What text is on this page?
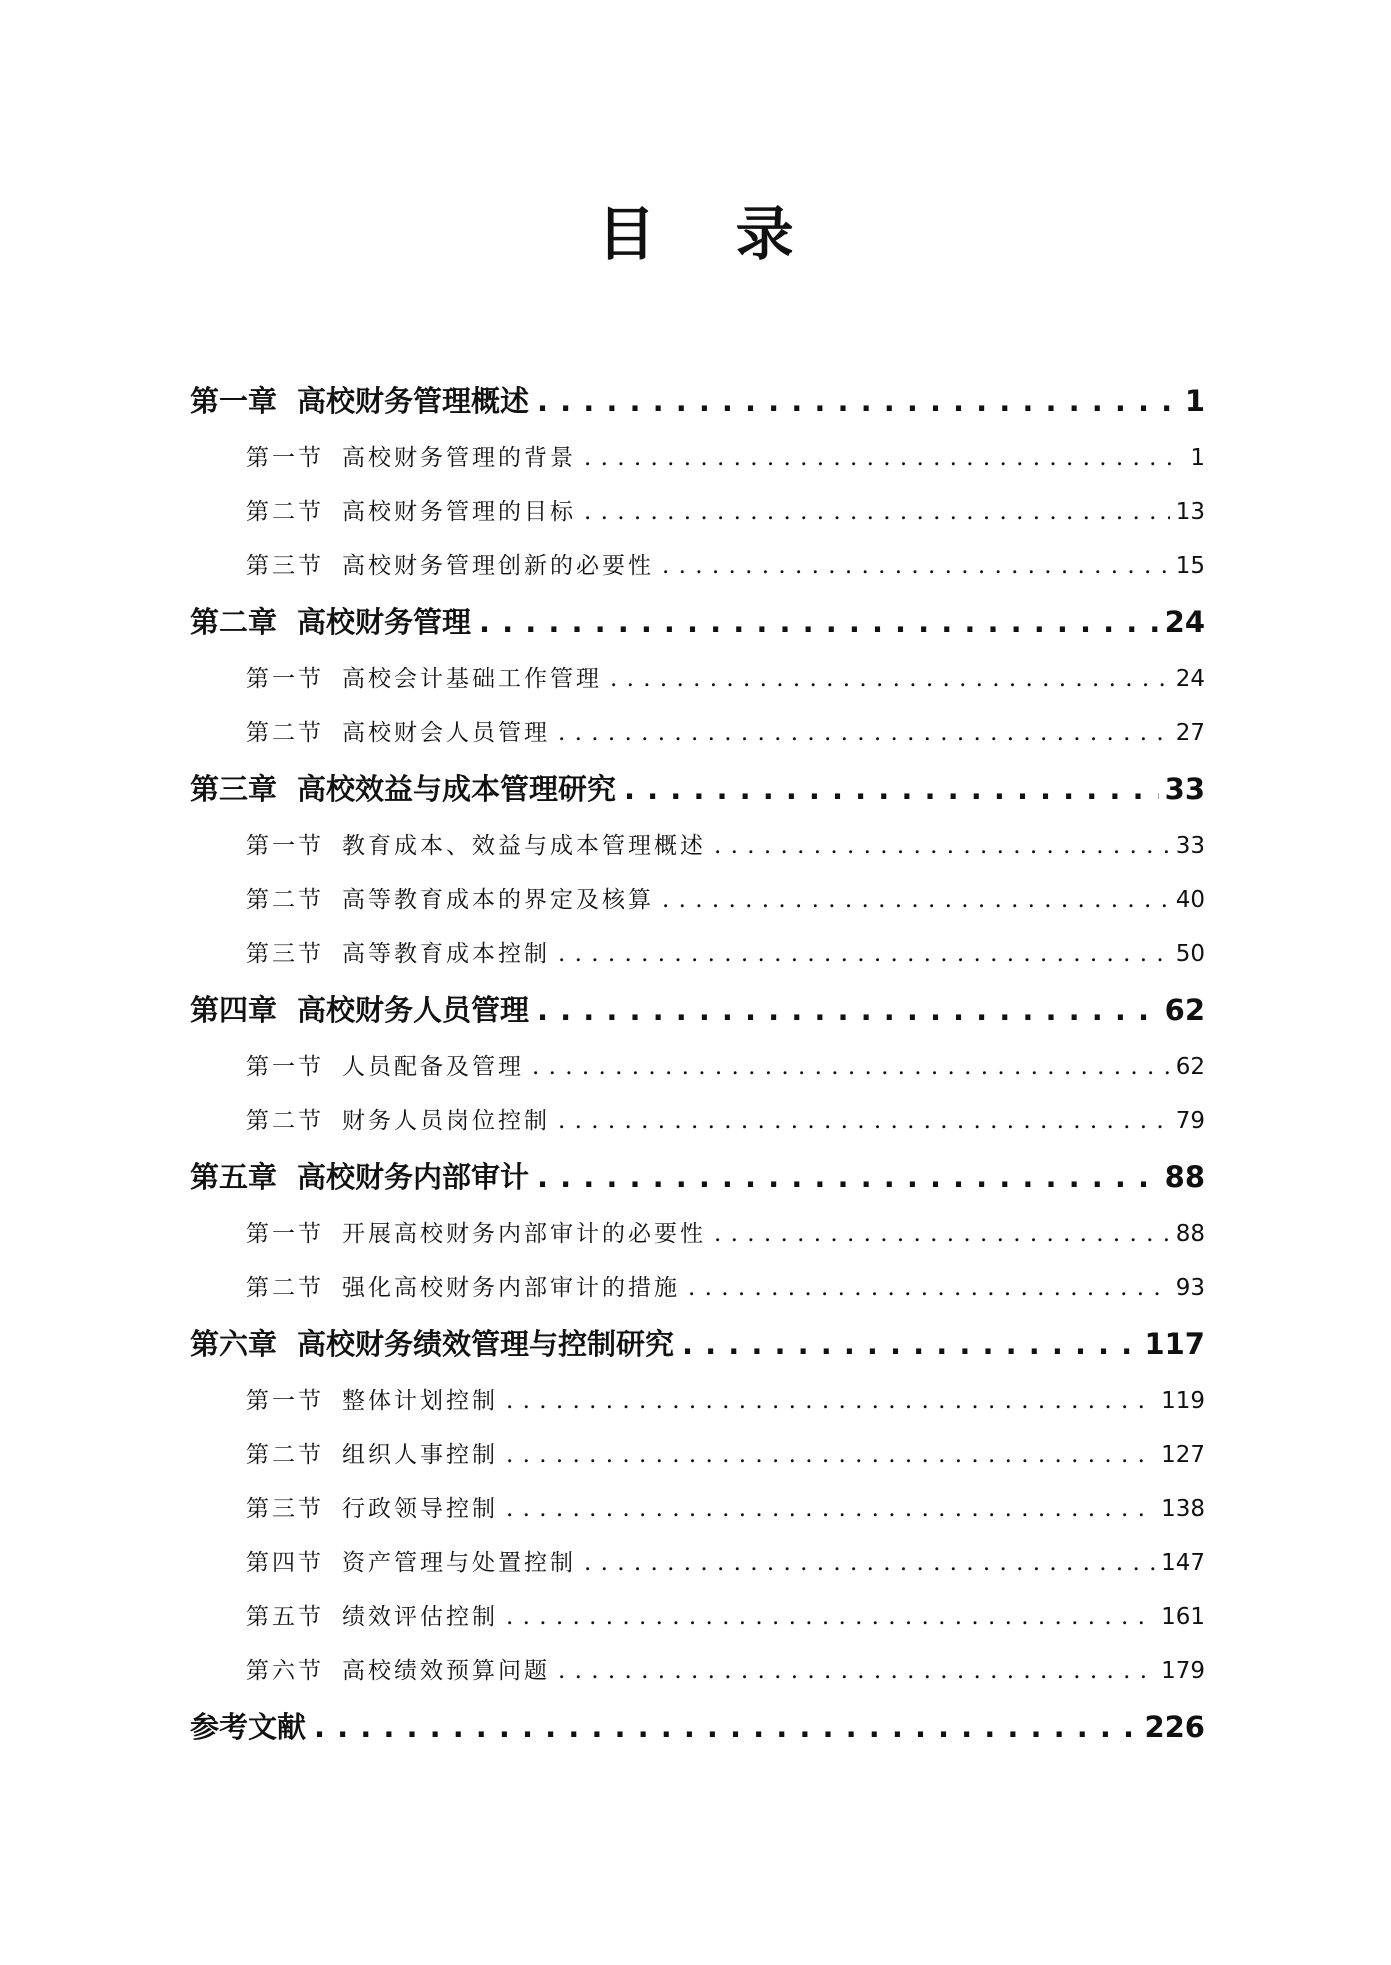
目 录
第一章 高校财务管理概述 . . .	1
第一节 高校财务管理的背景 . . .	1
第二节 高校财务管理的目标 . . .	13
第三节 高校财务管理创新的必要性 . . .	15
第二章 高校财务管理 . . .	24
第一节 高校会计基础工作管理 . . .	24
第二节 高校财会人员管理 . . .	27
第三章 高校效益与成本管理研究 . . .	33
第一节 教育成本、效益与成本管理概述 . . .	33
第二节 高等教育成本的界定及核算 . . .	40
第三节 高等教育成本控制 . . .	50
第四章 高校财务人员管理 . . .	62
第一节 人员配备及管理 . . .	62
第二节 财务人员岗位控制 . . .	79
第五章 高校财务内部审计 . . .	88
第一节 开展高校财务内部审计的必要性 . . .	88
第二节 强化高校财务内部审计的措施 . . .	93
第六章 高校财务绩效管理与控制研究 . . .	117
第一节 整体计划控制 . . .	119
第二节 组织人事控制 . . .	127
第三节 行政领导控制 . . .	138
第四节 资产管理与处置控制 . . .	147
第五节 绩效评估控制 . . .	161
第六节 高校绩效预算问题 . . .	179
参考文献 . . .	226
